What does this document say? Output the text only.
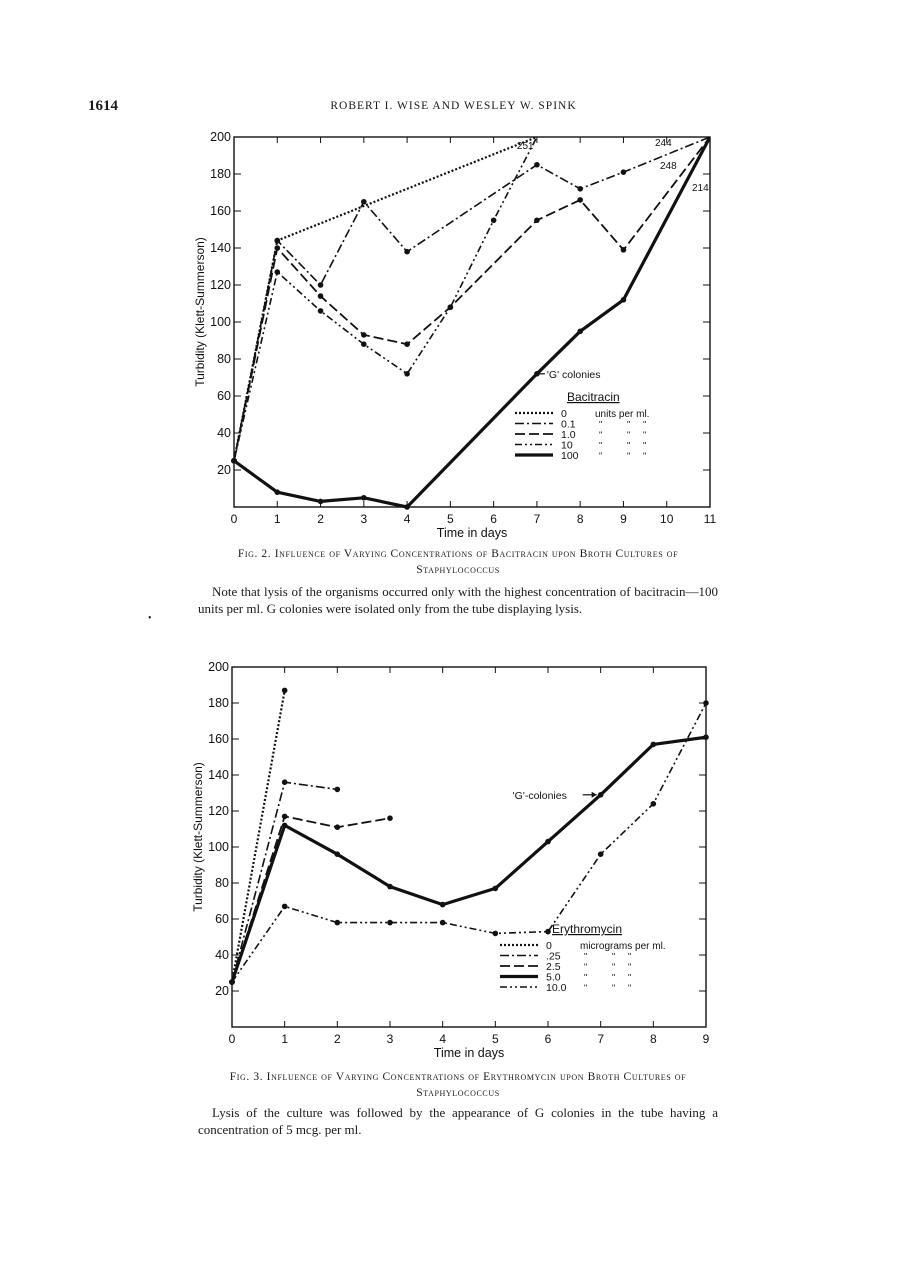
1614	ROBERT I. WISE AND WESLEY W. SPINK
0	1	2	3	4	5	6	7	8	9	10	11
20
40
60
80
100
120
140
160
180
200
Time in days
Turbidity (Klett-Summerson)
251	244
248
214
'G' colonies
Bacitracin
0	units per ml.
0.1	"	" "
1.0	"	" "
10	"	" "
100 "	" "
Fig. 2. Influence of Varying Concentrations of Bacitracin upon Broth Cultures of Staphylococcus
Note that lysis of the organisms occurred only with the highest concentration of bacitracin—100 units per ml. G colonies were isolated only from the tube displaying lysis.
•
0	1	2	3	4	5	6	7	8	9
20
40
60
80
100
120
140
160
180
200
Time in days
Turbidity (Klett-Summerson)	'G'-colonies
Erythromycin
0	micrograms per ml.
.25	"	" "
2.5	"	" "
5.0	"	" "
10.0 "	" "
Fig. 3. Influence of Varying Concentrations of Erythromycin upon Broth Cultures of Staphylococcus
Lysis of the culture was followed by the appearance of G colonies in the tube having a concentration of 5 mcg. per ml.
